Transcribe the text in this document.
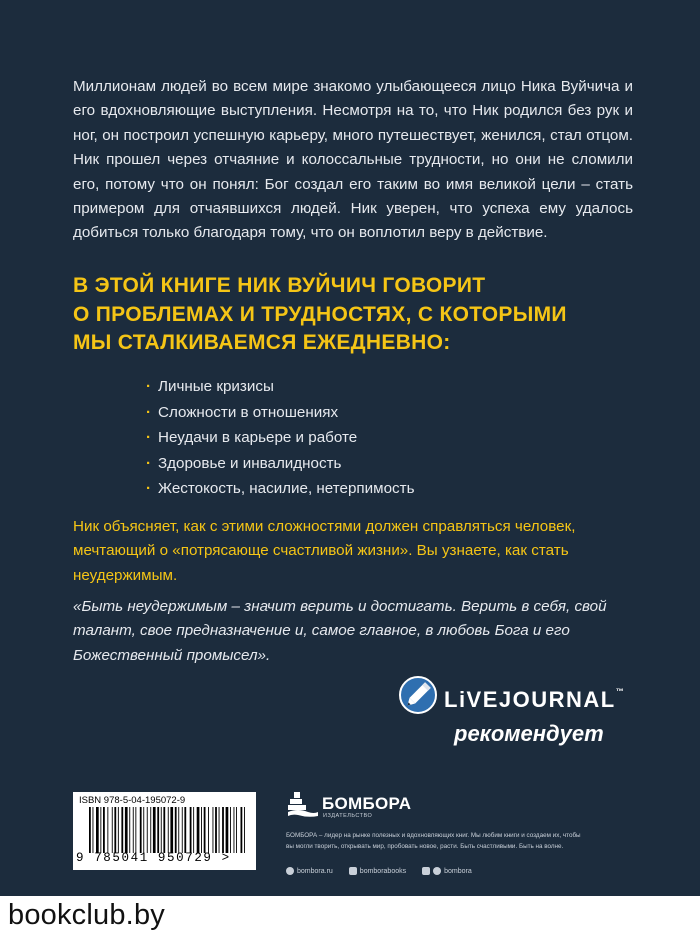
Миллионам людей во всем мире знакомо улыбающееся лицо Ника Вуйчича и его вдохновляющие выступления. Несмотря на то, что Ник родился без рук и ног, он построил успешную карьеру, много путешествует, женился, стал отцом. Ник прошел через отчаяние и колоссальные трудности, но они не сломили его, потому что он понял: Бог создал его таким во имя великой цели – стать примером для отчаявшихся людей. Ник уверен, что успеха ему удалось добиться только благодаря тому, что он воплотил веру в действие.

В ЭТОЙ КНИГЕ НИК ВУЙЧИЧ ГОВОРИТ
О ПРОБЛЕМАХ И ТРУДНОСТЯХ, С КОТОРЫМИ
МЫ СТАЛКИВАЕМСЯ ЕЖЕДНЕВНО:
· Личные кризисы
· Сложности в отношениях
· Неудачи в карьере и работе
· Здоровье и инвалидность
· Жестокость, насилие, нетерпимость

Ник объясняет, как с этими сложностями должен справляться человек, мечтающий о «потрясающе счастливой жизни». Вы узнаете, как стать неудержимым.

«Быть неудержимым – значит верить и достигать. Верить в себя, свой талант, свое предназначение и, самое главное, в любовь Бога и его Божественный промысел».

LiVEJOURNAL™
рекомендует
ISBN 978-5-04-195072-9
9 785041 950729 >
БОМБОРА
ИЗДАТЕЛЬСТВО
БОМБОРА – лидер на рынке полезных и вдохновляющих книг. Мы любим книги и создаем их, чтобы вы могли творить, открывать мир, пробовать новое, расти. Быть счастливыми. Быть на волне.
bombora.ru	bomborabooks	bombora
bookclub.by
